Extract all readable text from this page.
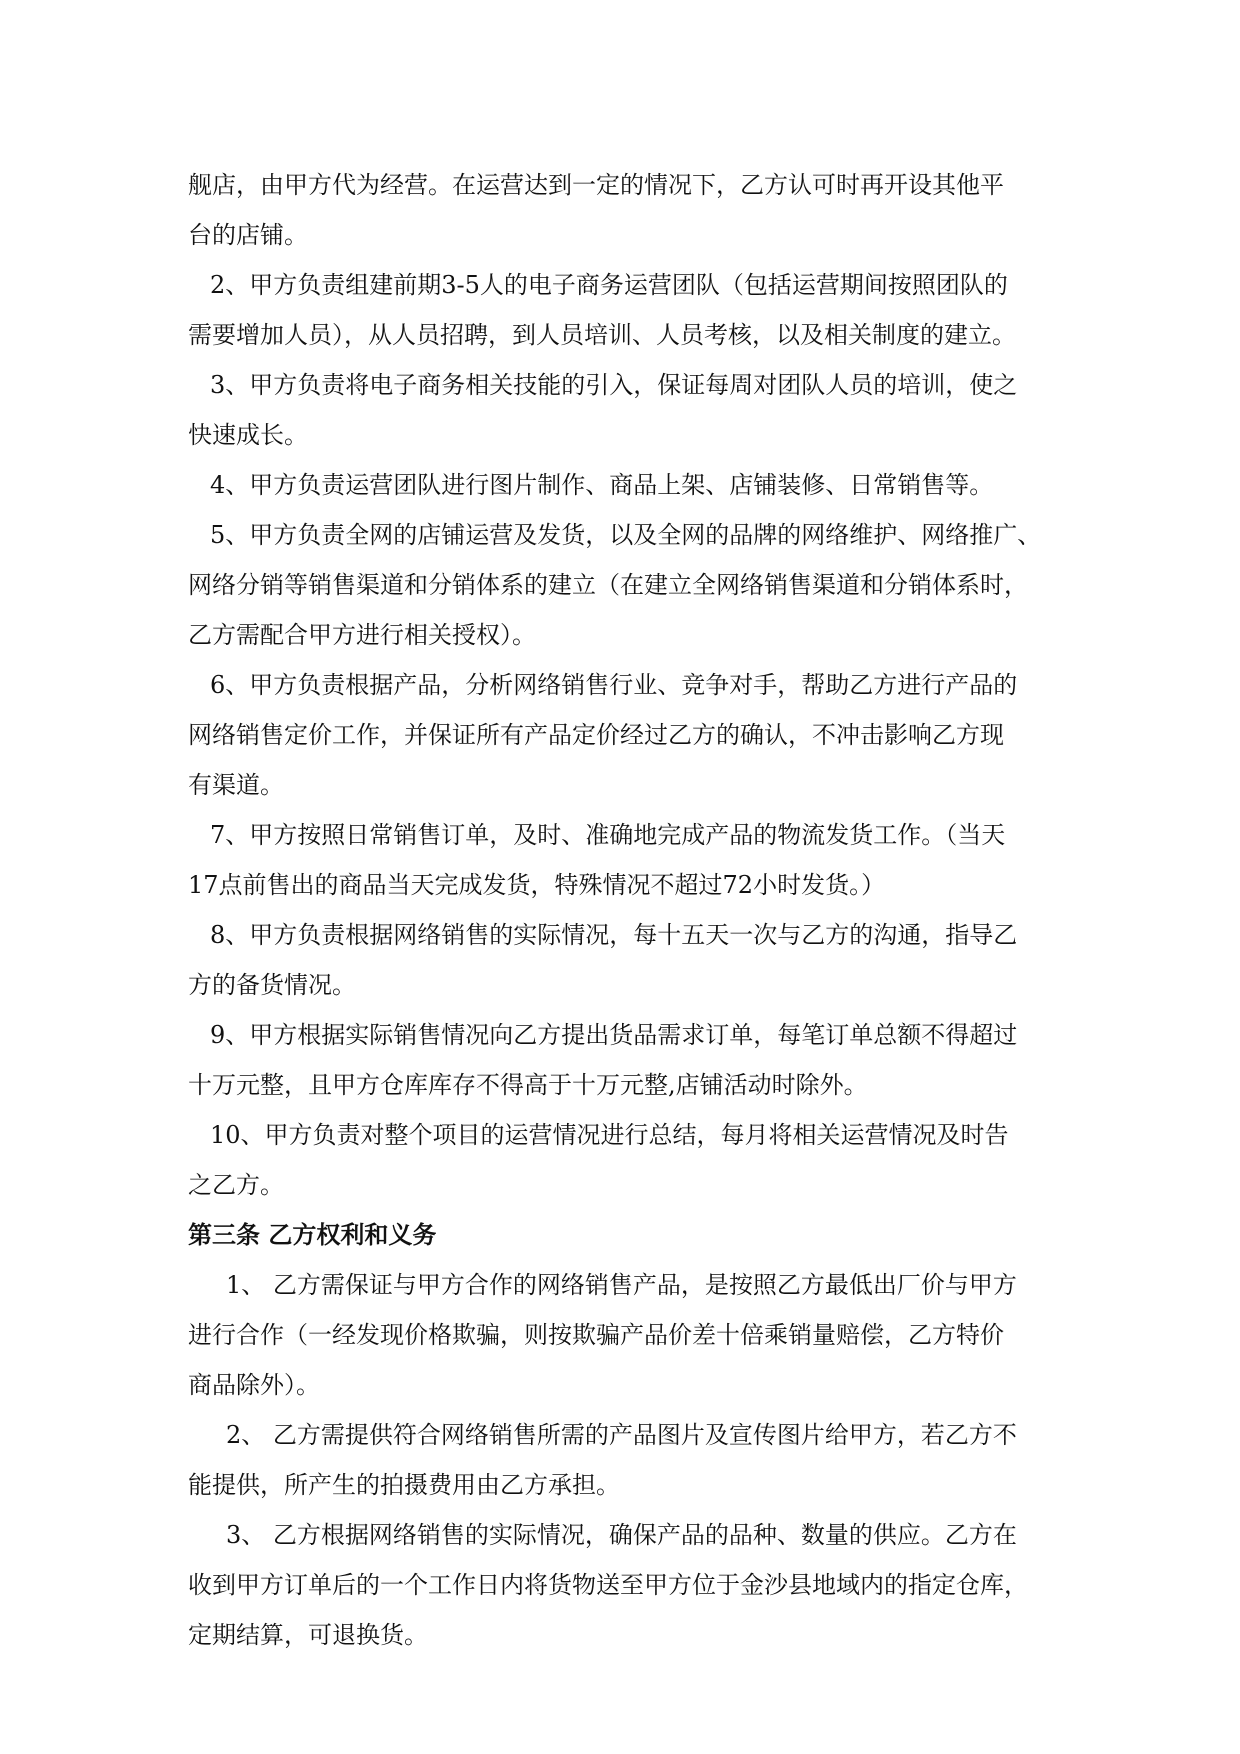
舰店，由甲方代为经营。在运营达到一定的情况下，乙方认可时再开设其他平
台的店铺。
2、甲方负责组建前期3-5人的电子商务运营团队（包括运营期间按照团队的
需要增加人员），从人员招聘，到人员培训、人员考核，以及相关制度的建立。
3、甲方负责将电子商务相关技能的引入，保证每周对团队人员的培训，使之
快速成长。
4、甲方负责运营团队进行图片制作、商品上架、店铺装修、日常销售等。
5、甲方负责全网的店铺运营及发货，以及全网的品牌的网络维护、网络推广、
网络分销等销售渠道和分销体系的建立（在建立全网络销售渠道和分销体系时，
乙方需配合甲方进行相关授权）。
6、甲方负责根据产品，分析网络销售行业、竞争对手，帮助乙方进行产品的
网络销售定价工作，并保证所有产品定价经过乙方的确认，不冲击影响乙方现
有渠道。
7、甲方按照日常销售订单，及时、准确地完成产品的物流发货工作。（当天
17点前售出的商品当天完成发货，特殊情况不超过72小时发货。）
8、甲方负责根据网络销售的实际情况，每十五天一次与乙方的沟通，指导乙
方的备货情况。
9、甲方根据实际销售情况向乙方提出货品需求订单，每笔订单总额不得超过
十万元整，且甲方仓库库存不得高于十万元整,店铺活动时除外。
10、甲方负责对整个项目的运营情况进行总结，每月将相关运营情况及时告
之乙方。
第三条 乙方权利和义务
1、 乙方需保证与甲方合作的网络销售产品，是按照乙方最低出厂价与甲方
进行合作（一经发现价格欺骗，则按欺骗产品价差十倍乘销量赔偿，乙方特价
商品除外）。
2、 乙方需提供符合网络销售所需的产品图片及宣传图片给甲方，若乙方不
能提供，所产生的拍摄费用由乙方承担。
3、 乙方根据网络销售的实际情况，确保产品的品种、数量的供应。乙方在
收到甲方订单后的一个工作日内将货物送至甲方位于金沙县地域内的指定仓库，
定期结算，可退换货。
